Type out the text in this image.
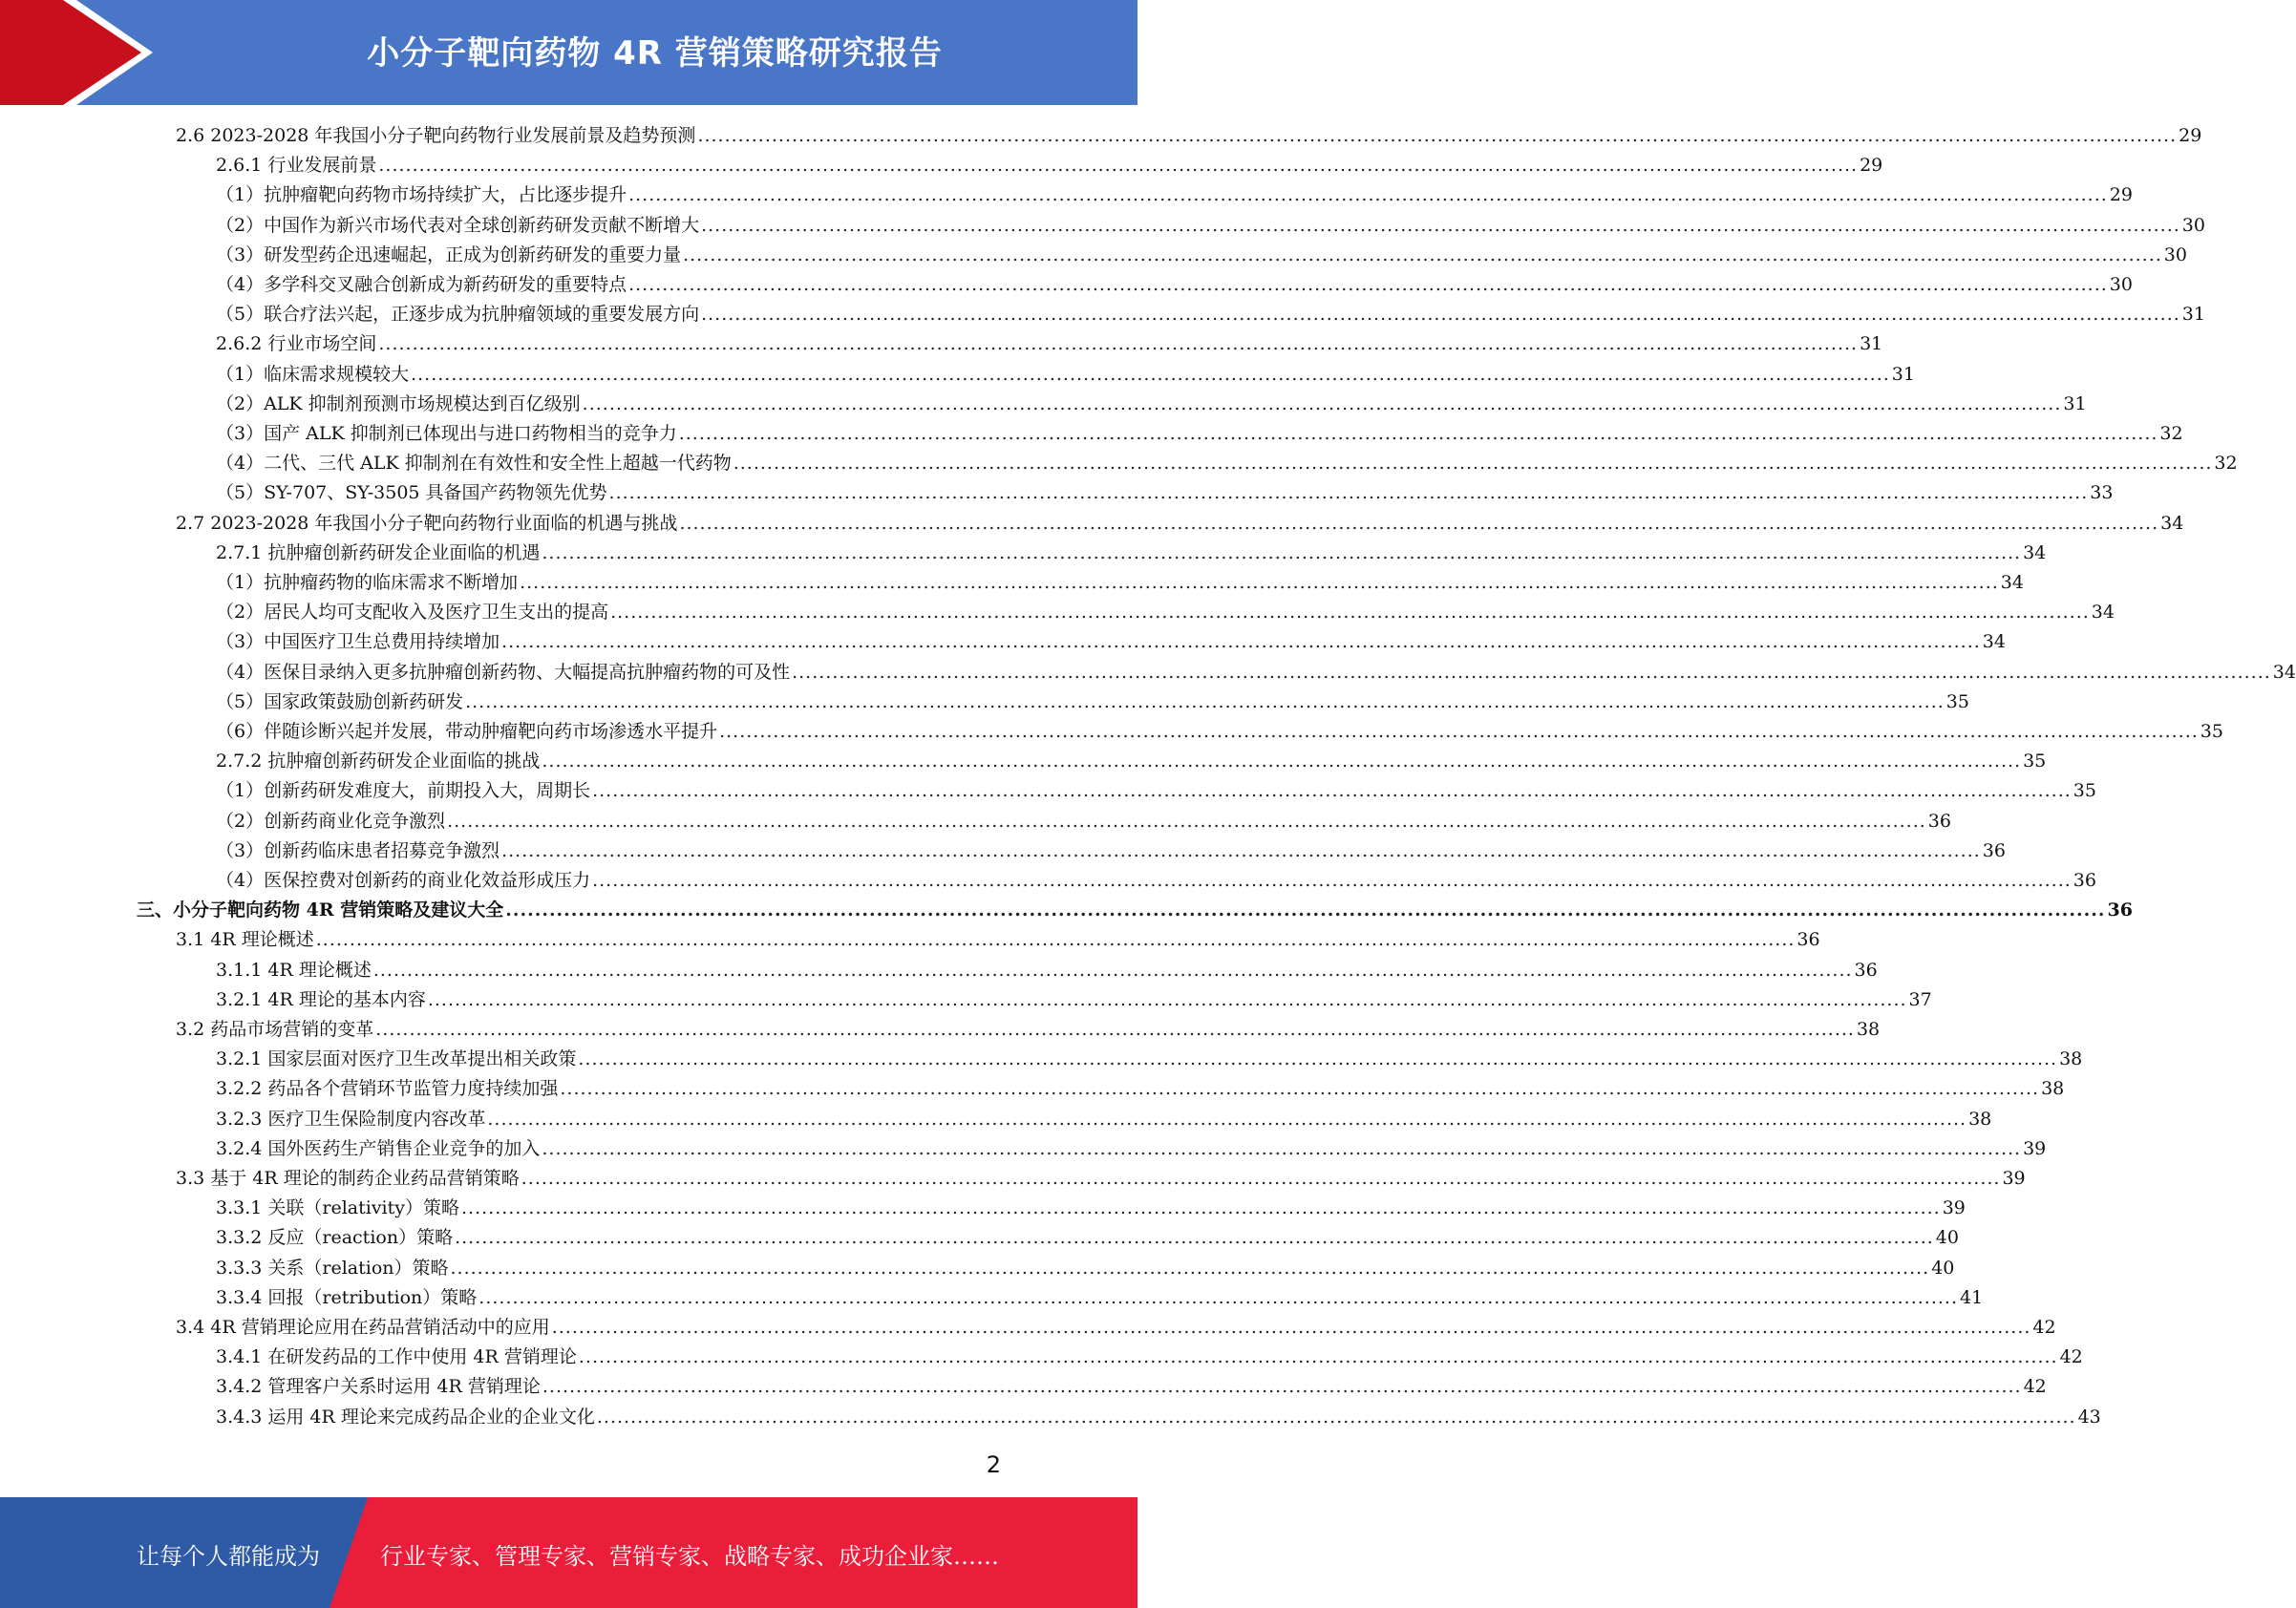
小分子靶向药物 4R 营销策略研究报告
2.6 2023-2028 年我国小分子靶向药物行业发展前景及趋势预测 ............................................................................................................................................................................................................................ 29
2.6.1 行业发展前景 ............................................................................................................................................................................................................................ 29
（1）抗肿瘤靶向药物市场持续扩大，占比逐步提升 ............................................................................................................................................................................................................................ 29
（2）中国作为新兴市场代表对全球创新药研发贡献不断增大 ............................................................................................................................................................................................................................ 30
（3）研发型药企迅速崛起，正成为创新药研发的重要力量 ............................................................................................................................................................................................................................ 30
（4）多学科交叉融合创新成为新药研发的重要特点 ............................................................................................................................................................................................................................ 30
（5）联合疗法兴起，正逐步成为抗肿瘤领域的重要发展方向 ............................................................................................................................................................................................................................ 31
2.6.2 行业市场空间 ............................................................................................................................................................................................................................ 31
（1）临床需求规模较大 ............................................................................................................................................................................................................................ 31
（2）ALK 抑制剂预测市场规模达到百亿级别 ............................................................................................................................................................................................................................ 31
（3）国产 ALK 抑制剂已体现出与进口药物相当的竞争力 ............................................................................................................................................................................................................................ 32
（4）二代、三代 ALK 抑制剂在有效性和安全性上超越一代药物 ............................................................................................................................................................................................................................ 32
（5）SY-707、SY-3505 具备国产药物领先优势 ............................................................................................................................................................................................................................ 33
2.7 2023-2028 年我国小分子靶向药物行业面临的机遇与挑战 ............................................................................................................................................................................................................................ 34
2.7.1 抗肿瘤创新药研发企业面临的机遇 ............................................................................................................................................................................................................................ 34
（1）抗肿瘤药物的临床需求不断增加 ............................................................................................................................................................................................................................ 34
（2）居民人均可支配收入及医疗卫生支出的提高 ............................................................................................................................................................................................................................ 34
（3）中国医疗卫生总费用持续增加 ............................................................................................................................................................................................................................ 34
（4）医保目录纳入更多抗肿瘤创新药物、大幅提高抗肿瘤药物的可及性 ............................................................................................................................................................................................................................ 34
（5）国家政策鼓励创新药研发 ............................................................................................................................................................................................................................ 35
（6）伴随诊断兴起并发展，带动肿瘤靶向药市场渗透水平提升 ............................................................................................................................................................................................................................ 35
2.7.2 抗肿瘤创新药研发企业面临的挑战 ............................................................................................................................................................................................................................ 35
（1）创新药研发难度大，前期投入大，周期长 ............................................................................................................................................................................................................................ 35
（2）创新药商业化竞争激烈 ............................................................................................................................................................................................................................ 36
（3）创新药临床患者招募竞争激烈 ............................................................................................................................................................................................................................ 36
（4）医保控费对创新药的商业化效益形成压力 ............................................................................................................................................................................................................................ 36
三、小分子靶向药物 4R 营销策略及建议大全 ............................................................................................................................................................................................................................ 36
3.1 4R 理论概述 ............................................................................................................................................................................................................................ 36
3.1.1 4R 理论概述 ............................................................................................................................................................................................................................ 36
3.2.1 4R 理论的基本内容 ............................................................................................................................................................................................................................ 37
3.2 药品市场营销的变革 ............................................................................................................................................................................................................................ 38
3.2.1 国家层面对医疗卫生改革提出相关政策 ............................................................................................................................................................................................................................ 38
3.2.2 药品各个营销环节监管力度持续加强 ............................................................................................................................................................................................................................ 38
3.2.3 医疗卫生保险制度内容改革 ............................................................................................................................................................................................................................ 38
3.2.4 国外医药生产销售企业竞争的加入 ............................................................................................................................................................................................................................ 39
3.3 基于 4R 理论的制药企业药品营销策略 ............................................................................................................................................................................................................................ 39
3.3.1 关联（relativity）策略 ............................................................................................................................................................................................................................ 39
3.3.2 反应（reaction）策略 ............................................................................................................................................................................................................................ 40
3.3.3 关系（relation）策略 ............................................................................................................................................................................................................................ 40
3.3.4 回报（retribution）策略 ............................................................................................................................................................................................................................ 41
3.4 4R 营销理论应用在药品营销活动中的应用 ............................................................................................................................................................................................................................ 42
3.4.1 在研发药品的工作中使用 4R 营销理论 ............................................................................................................................................................................................................................ 42
3.4.2 管理客户关系时运用 4R 营销理论 ............................................................................................................................................................................................................................ 42
3.4.3 运用 4R 理论来完成药品企业的企业文化 ............................................................................................................................................................................................................................ 43
2
让每个人都能成为	行业专家、管理专家、营销专家、战略专家、成功企业家……
